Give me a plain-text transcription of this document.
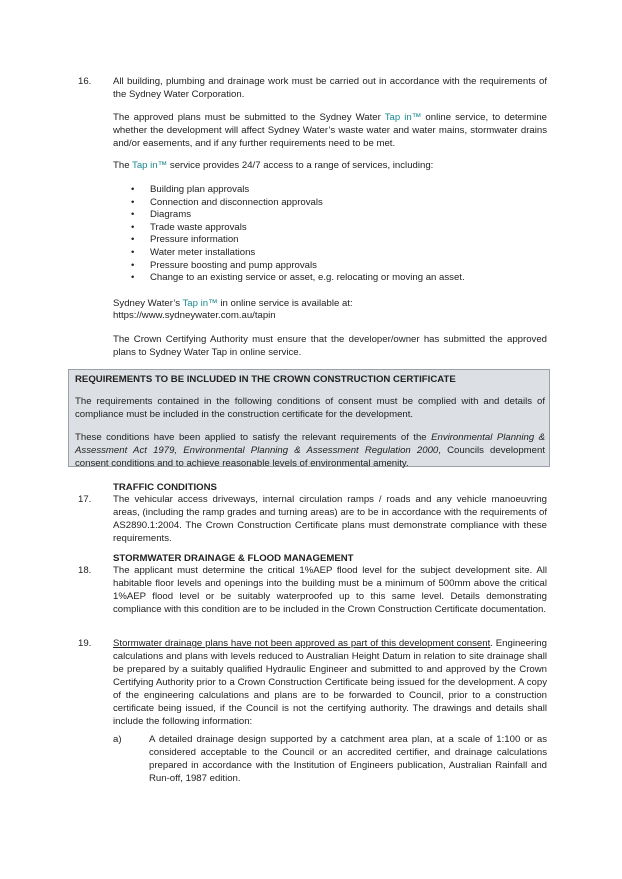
16. All building, plumbing and drainage work must be carried out in accordance with the requirements of the Sydney Water Corporation.

The approved plans must be submitted to the Sydney Water Tap in™ online service, to determine whether the development will affect Sydney Water’s waste water and water mains, stormwater drains and/or easements, and if any further requirements need to be met.

The Tap in™ service provides 24/7 access to a range of services, including:

• Building plan approvals
• Connection and disconnection approvals
• Diagrams
• Trade waste approvals
• Pressure information
• Water meter installations
• Pressure boosting and pump approvals
• Change to an existing service or asset, e.g. relocating or moving an asset.

Sydney Water’s Tap in™ in online service is available at:

https://www.sydneywater.com.au/tapin

The Crown Certifying Authority must ensure that the developer/owner has submitted the approved plans to Sydney Water Tap in online service.

REQUIREMENTS TO BE INCLUDED IN THE CROWN CONSTRUCTION CERTIFICATE

The requirements contained in the following conditions of consent must be complied with and details of compliance must be included in the construction certificate for the development.

These conditions have been applied to satisfy the relevant requirements of the Environmental Planning & Assessment Act 1979, Environmental Planning & Assessment Regulation 2000, Councils development consent conditions and to achieve reasonable levels of environmental amenity.

TRAFFIC CONDITIONS
17. The vehicular access driveways, internal circulation ramps / roads and any vehicle manoeuvring areas, (including the ramp grades and turning areas) are to be in accordance with the requirements of AS2890.1:2004. The Crown Construction Certificate plans must demonstrate compliance with these requirements.

STORMWATER DRAINAGE & FLOOD MANAGEMENT
18. The applicant must determine the critical 1%AEP flood level for the subject development site. All habitable floor levels and openings into the building must be a minimum of 500mm above the critical 1%AEP flood level or be suitably waterproofed up to this same level. Details demonstrating compliance with this condition are to be included in the Crown Construction Certificate documentation.

19. Stormwater drainage plans have not been approved as part of this development consent. Engineering calculations and plans with levels reduced to Australian Height Datum in relation to site drainage shall be prepared by a suitably qualified Hydraulic Engineer and submitted to and approved by the Crown Certifying Authority prior to a Crown Construction Certificate being issued for the development. A copy of the engineering calculations and plans are to be forwarded to Council, prior to a construction certificate being issued, if the Council is not the certifying authority. The drawings and details shall include the following information:

a)	A detailed drainage design supported by a catchment area plan, at a scale of 1:100 or as considered acceptable to the Council or an accredited certifier, and drainage calculations prepared in accordance with the Institution of Engineers publication, Australian Rainfall and Run-off, 1987 edition.
